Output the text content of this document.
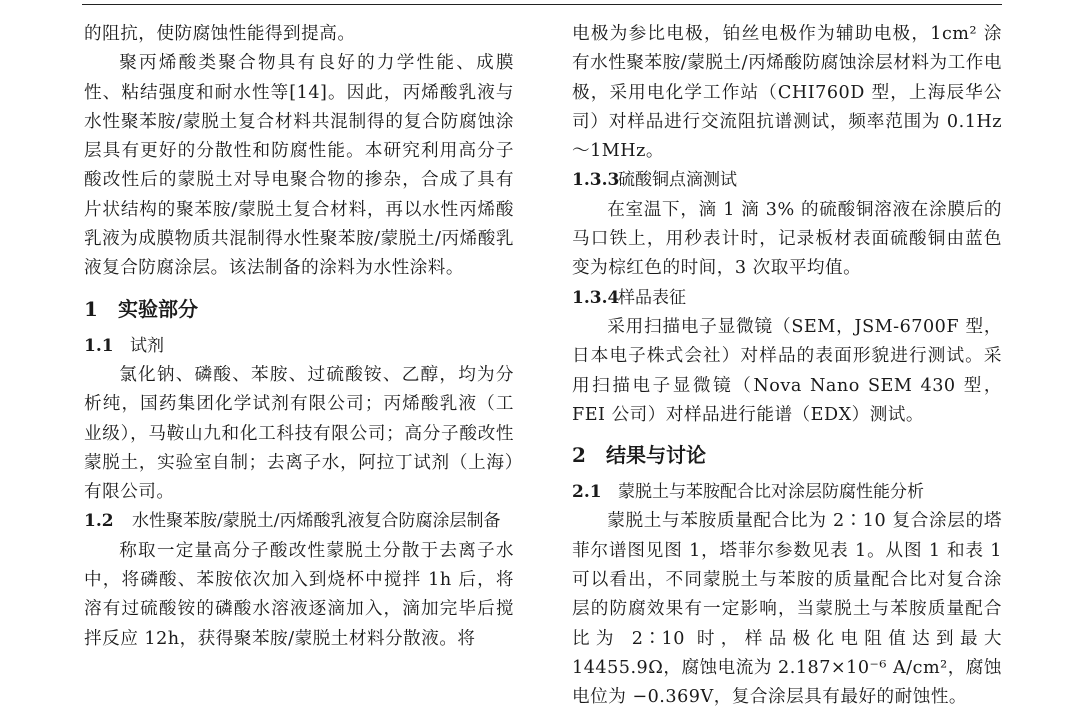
的阻抗，使防腐蚀性能得到提高。

聚丙烯酸类聚合物具有良好的力学性能、成膜性、粘结强度和耐水性等[14]。因此，丙烯酸乳液与水性聚苯胺/蒙脱土复合材料共混制得的复合防腐蚀涂层具有更好的分散性和防腐性能。本研究利用高分子酸改性后的蒙脱土对导电聚合物的掺杂，合成了具有片状结构的聚苯胺/蒙脱土复合材料，再以水性丙烯酸乳液为成膜物质共混制得水性聚苯胺/蒙脱土/丙烯酸乳液复合防腐涂层。该法制备的涂料为水性涂料。

1 实验部分

1.1 试剂

氯化钠、磷酸、苯胺、过硫酸铵、乙醇，均为分析纯，国药集团化学试剂有限公司；丙烯酸乳液（工业级），马鞍山九和化工科技有限公司；高分子酸改性蒙脱土，实验室自制；去离子水，阿拉丁试剂（上海）有限公司。

1.2 水性聚苯胺/蒙脱土/丙烯酸乳液复合防腐涂层制备

称取一定量高分子酸改性蒙脱土分散于去离子水中，将磷酸、苯胺依次加入到烧杯中搅拌 1h 后，将溶有过硫酸铵的磷酸水溶液逐滴加入，滴加完毕后搅拌反应 12h，获得聚苯胺/蒙脱土材料分散液。将

电极为参比电极，铂丝电极作为辅助电极，1cm² 涂有水性聚苯胺/蒙脱土/丙烯酸防腐蚀涂层材料为工作电极，采用电化学工作站（CHI760D 型，上海辰华公司）对样品进行交流阻抗谱测试，频率范围为 0.1Hz～1MHz。

1.3.3硫酸铜点滴测试

在室温下，滴 1 滴 3% 的硫酸铜溶液在涂膜后的马口铁上，用秒表计时，记录板材表面硫酸铜由蓝色变为棕红色的时间，3 次取平均值。

1.3.4样品表征

采用扫描电子显微镜（SEM，JSM-6700F 型，日本电子株式会社）对样品的表面形貌进行测试。采用扫描电子显微镜（Nova Nano SEM 430 型，FEI 公司）对样品进行能谱（EDX）测试。

2 结果与讨论

2.1 蒙脱土与苯胺配合比对涂层防腐性能分析

蒙脱土与苯胺质量配合比为 2∶10 复合涂层的塔菲尔谱图见图 1，塔菲尔参数见表 1。从图 1 和表 1 可以看出，不同蒙脱土与苯胺的质量配合比对复合涂层的防腐效果有一定影响，当蒙脱土与苯胺质量配合比为 2∶10 时，样品极化电阻值达到最大 14455.9Ω，腐蚀电流为 2.187×10⁻⁶ A/cm²，腐蚀电位为 −0.369V，复合涂层具有最好的耐蚀性。
